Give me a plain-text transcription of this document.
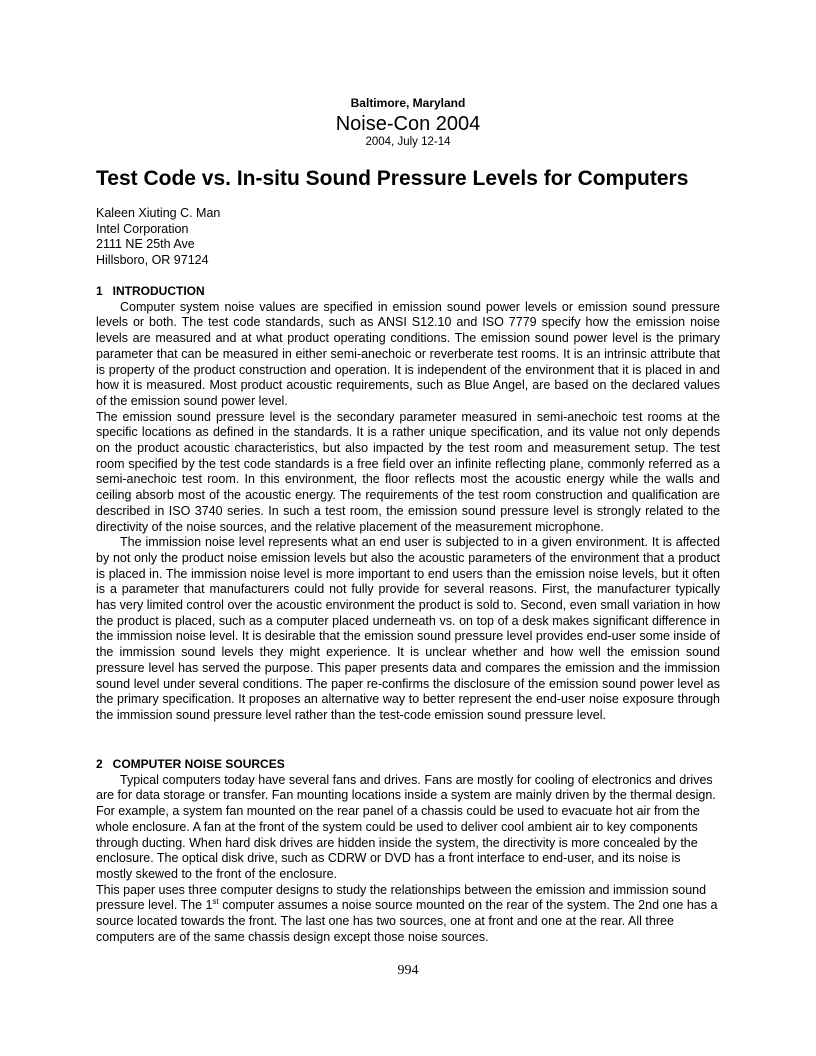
Baltimore, Maryland
Noise-Con 2004
2004, July 12-14
Test Code vs. In-situ Sound Pressure Levels for Computers
Kaleen Xiuting C. Man
Intel Corporation
2111 NE 25th Ave
Hillsboro, OR 97124

1   INTRODUCTION

Computer system noise values are specified in emission sound power levels or emission sound pressure levels or both. The test code standards, such as ANSI S12.10 and ISO 7779 specify how the emission noise levels are measured and at what product operating conditions. The emission sound power level is the primary parameter that can be measured in either semi-anechoic or reverberate test rooms. It is an intrinsic attribute that is property of the product construction and operation. It is independent of the environment that it is placed in and how it is measured. Most product acoustic requirements, such as Blue Angel, are based on the declared values of the emission sound power level.

The emission sound pressure level is the secondary parameter measured in semi-anechoic test rooms at the specific locations as defined in the standards. It is a rather unique specification, and its value not only depends on the product acoustic characteristics, but also impacted by the test room and measurement setup. The test room specified by the test code standards is a free field over an infinite reflecting plane, commonly referred as a semi-anechoic test room. In this environment, the floor reflects most the acoustic energy while the walls and ceiling absorb most of the acoustic energy. The requirements of the test room construction and qualification are described in ISO 3740 series. In such a test room, the emission sound pressure level is strongly related to the directivity of the noise sources, and the relative placement of the measurement microphone.

The immission noise level represents what an end user is subjected to in a given environment. It is affected by not only the product noise emission levels but also the acoustic parameters of the environment that a product is placed in. The immission noise level is more important to end users than the emission noise levels, but it often is a parameter that manufacturers could not fully provide for several reasons. First, the manufacturer typically has very limited control over the acoustic environment the product is sold to. Second, even small variation in how the product is placed, such as a computer placed underneath vs. on top of a desk makes significant difference in the immission noise level. It is desirable that the emission sound pressure level provides end-user some inside of the immission sound levels they might experience. It is unclear whether and how well the emission sound pressure level has served the purpose. This paper presents data and compares the emission and the immission sound level under several conditions. The paper re-confirms the disclosure of the emission sound power level as the primary specification. It proposes an alternative way to better represent the end-user noise exposure through the immission sound pressure level rather than the test-code emission sound pressure level.

2   COMPUTER NOISE SOURCES

Typical computers today have several fans and drives. Fans are mostly for cooling of electronics and drives are for data storage or transfer. Fan mounting locations inside a system are mainly driven by the thermal design. For example, a system fan mounted on the rear panel of a chassis could be used to evacuate hot air from the whole enclosure. A fan at the front of the system could be used to deliver cool ambient air to key components through ducting. When hard disk drives are hidden inside the system, the directivity is more concealed by the enclosure. The optical disk drive, such as CDRW or DVD has a front interface to end-user, and its noise is mostly skewed to the front of the enclosure.

This paper uses three computer designs to study the relationships between the emission and immission sound pressure level. The 1st computer assumes a noise source mounted on the rear of the system. The 2nd one has a source located towards the front. The last one has two sources, one at front and one at the rear. All three computers are of the same chassis design except those noise sources.

994
